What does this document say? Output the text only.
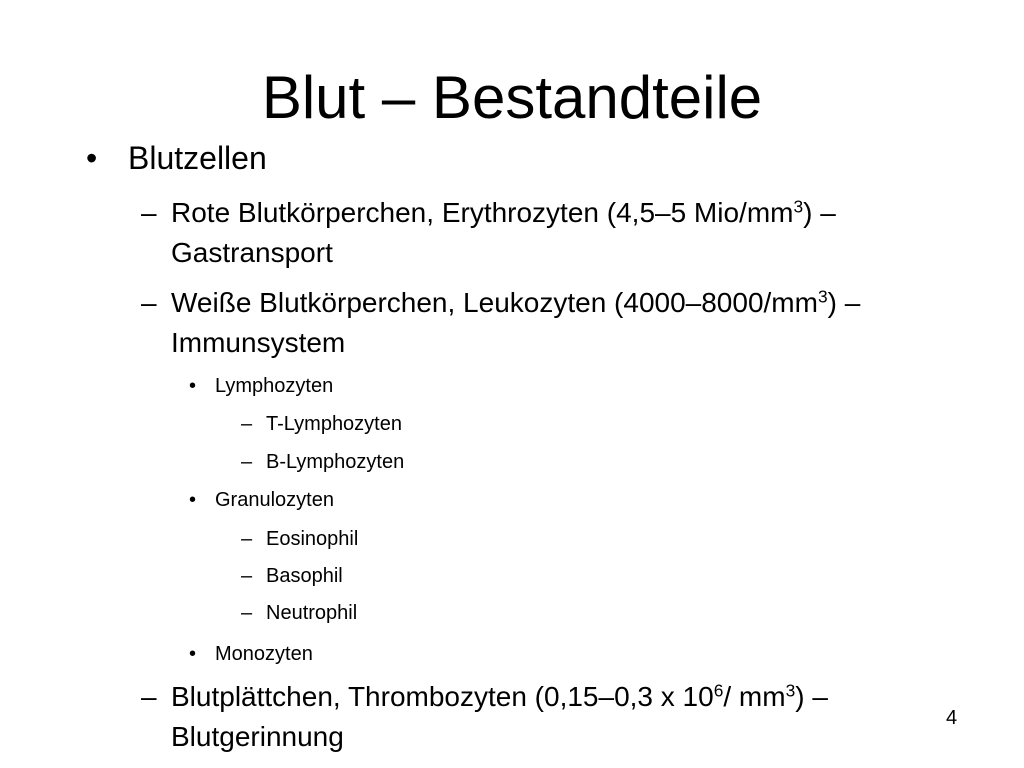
Blut – Bestandteile
• Blutzellen
– Rote Blutkörperchen, Erythrozyten (4,5–5 Mio/$mm^3$) –
Gastransport
– Weiße Blutkörperchen, Leukozyten $(4000-8000/mm^3)$ –
Immunsystem
• Lymphozyten
– T-Lymphozyten
– B-Lymphozyten
• Granulozyten
– Eosinophil
– Basophil
– Neutrophil
• Monozyten
– Blutplättchen, Thrombozyten (0,15–0,3 x $10^6/$ $mm^3$) –
Blutgerinnung
4
